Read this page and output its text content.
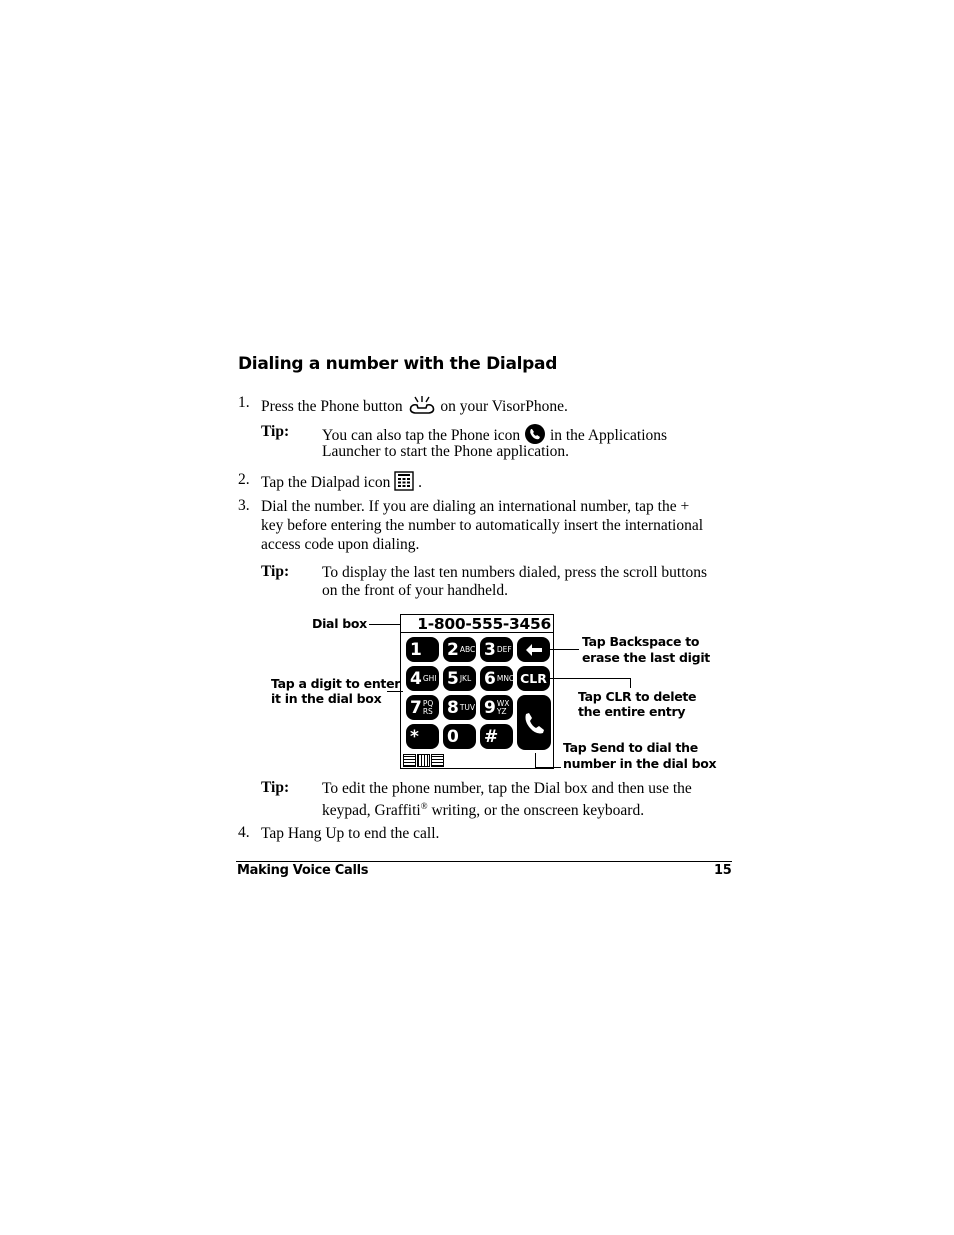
Dialing a number with the Dialpad
1. Press the Phone button on your VisorPhone.
Tip: You can also tap the Phone icon in the Applications
Launcher to start the Phone application.
2. Tap the Dialpad icon .
3. Dial the number. If you are dialing an international number, tap the +
key before entering the number to automatically insert the international
access code upon dialing.
Tip: To display the last ten numbers dialed, press the scroll buttons
on the front of your handheld.
1-800-555-3456
1 2 ABC 3 DEF
4 GHI 5 JKL 6 MNO CLR
7 PQRS 8 TUV 9 WXYZ
* 0 #
Dial box
Tap a digit to enter
it in the dial box
Tap Backspace to
erase the last digit
Tap CLR to delete
the entire entry
Tap Send to dial the
number in the dial box
Tip: To edit the phone number, tap the Dial box and then use the
keypad, Graffiti® writing, or the onscreen keyboard.
4. Tap Hang Up to end the call.
Making Voice Calls	15
